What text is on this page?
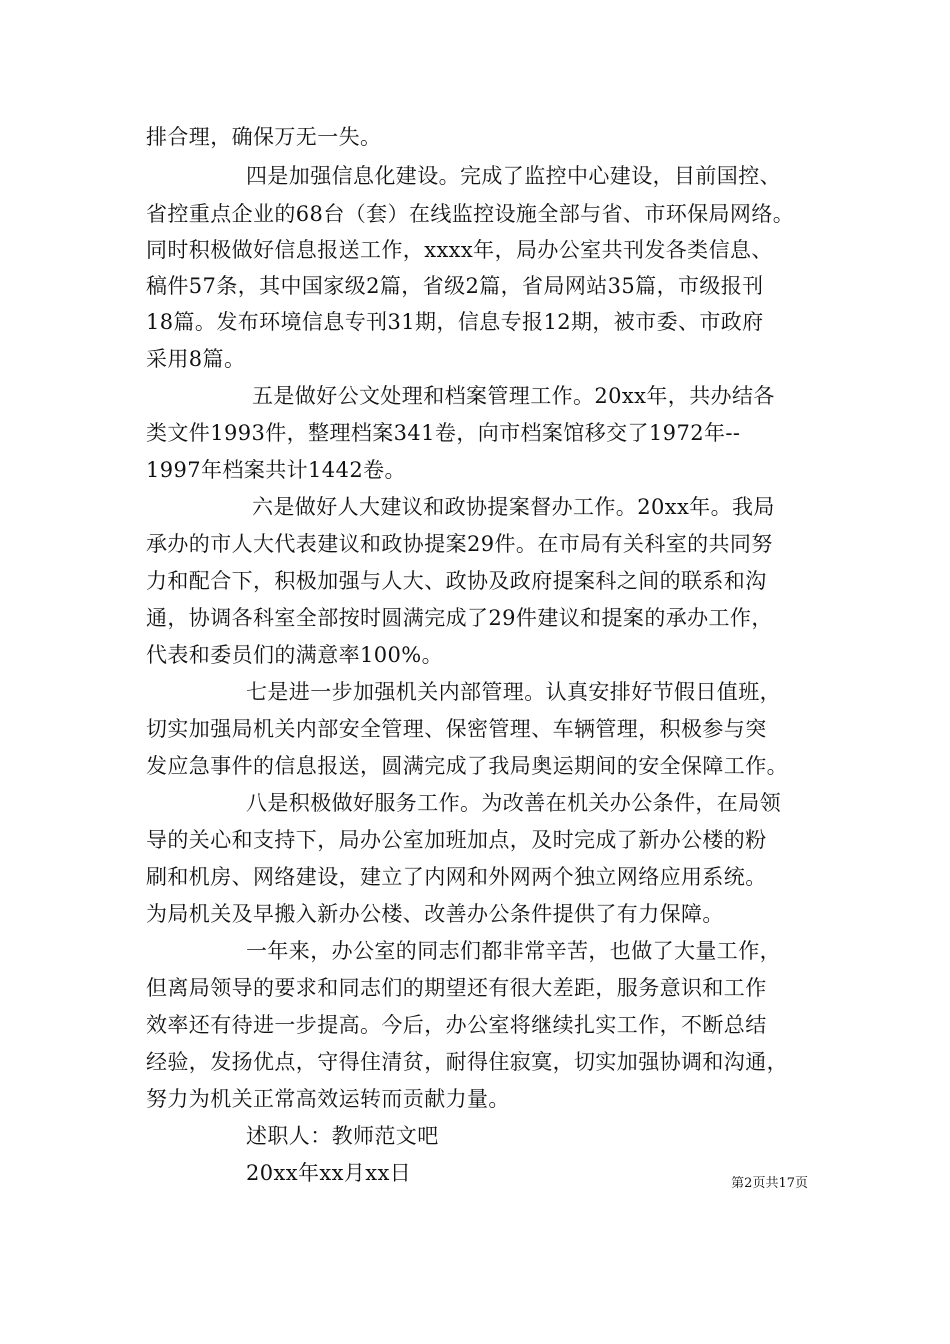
排合理，确保万无一失。
四是加强信息化建设。完成了监控中心建设，目前国控、
省控重点企业的68台（套）在线监控设施全部与省、市环保局网络。
同时积极做好信息报送工作，xxxx年，局办公室共刊发各类信息、
稿件57条，其中国家级2篇，省级2篇，省局网站35篇，市级报刊
18篇。发布环境信息专刊31期，信息专报12期，被市委、市政府
采用8篇。
五是做好公文处理和档案管理工作。20xx年，共办结各
类文件1993件，整理档案341卷，向市档案馆移交了1972年--
1997年档案共计1442卷。
六是做好人大建议和政协提案督办工作。20xx年。我局
承办的市人大代表建议和政协提案29件。在市局有关科室的共同努
力和配合下，积极加强与人大、政协及政府提案科之间的联系和沟
通，协调各科室全部按时圆满完成了29件建议和提案的承办工作，
代表和委员们的满意率100%。
七是进一步加强机关内部管理。认真安排好节假日值班，
切实加强局机关内部安全管理、保密管理、车辆管理，积极参与突
发应急事件的信息报送，圆满完成了我局奥运期间的安全保障工作。
八是积极做好服务工作。为改善在机关办公条件，在局领
导的关心和支持下，局办公室加班加点，及时完成了新办公楼的粉
刷和机房、网络建设，建立了内网和外网两个独立网络应用系统。
为局机关及早搬入新办公楼、改善办公条件提供了有力保障。
一年来，办公室的同志们都非常辛苦，也做了大量工作，
但离局领导的要求和同志们的期望还有很大差距，服务意识和工作
效率还有待进一步提高。今后，办公室将继续扎实工作，不断总结
经验，发扬优点，守得住清贫，耐得住寂寞，切实加强协调和沟通，
努力为机关正常高效运转而贡献力量。
述职人：教师范文吧
20xx年xx月xx日	第2页共17页
